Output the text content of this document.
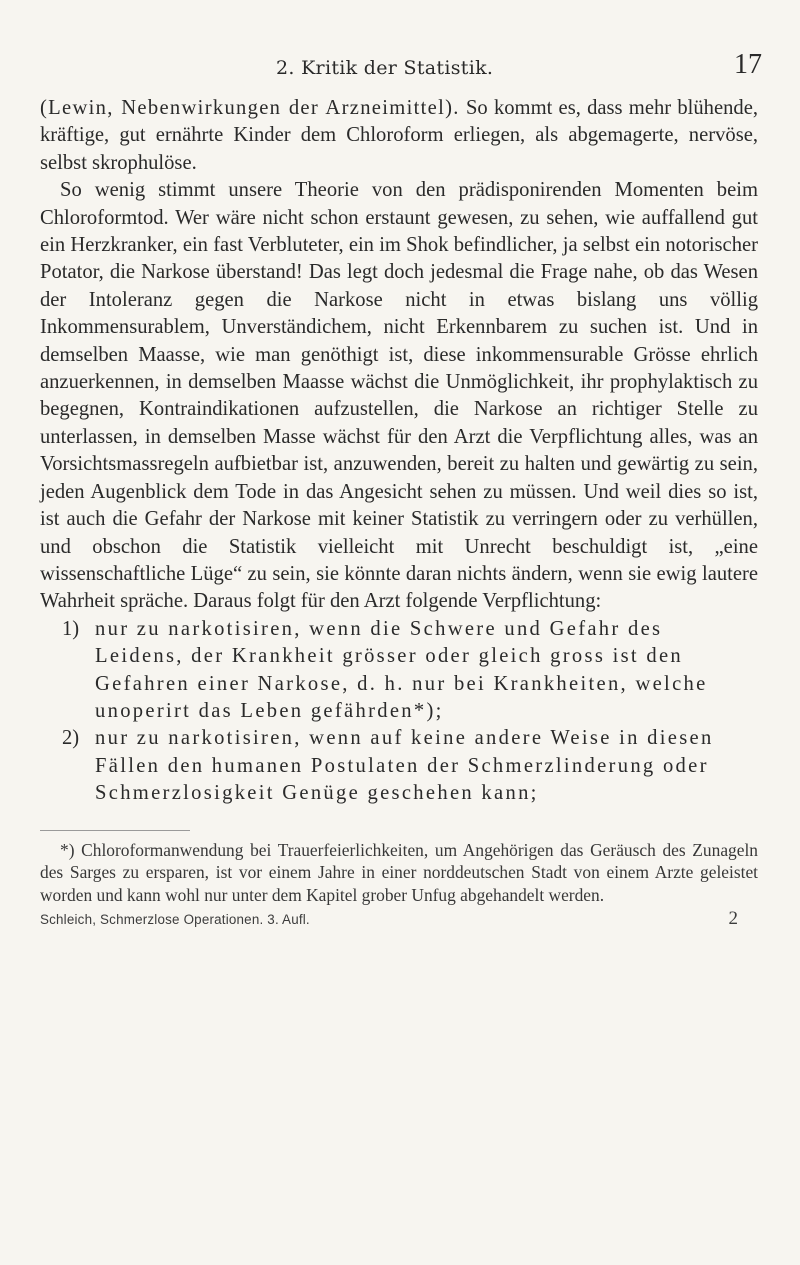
2. Kritik der Statistik.	17

(Lewin, Nebenwirkungen der Arzneimittel). So kommt es, dass mehr blühende, kräftige, gut ernährte Kinder dem Chloroform erliegen, als abgemagerte, nervöse, selbst skrophulöse.

So wenig stimmt unsere Theorie von den prädisponirenden Momenten beim Chloroformtod. Wer wäre nicht schon erstaunt gewesen, zu sehen, wie auffallend gut ein Herzkranker, ein fast Verbluteter, ein im Shok befindlicher, ja selbst ein notorischer Potator, die Narkose überstand! Das legt doch jedesmal die Frage nahe, ob das Wesen der Intoleranz gegen die Narkose nicht in etwas bislang uns völlig Inkommensurablem, Unverständichem, nicht Erkennbarem zu suchen ist. Und in demselben Maasse, wie man genöthigt ist, diese inkommensurable Grösse ehrlich anzuerkennen, in demselben Maasse wächst die Unmöglichkeit, ihr prophylaktisch zu begegnen, Kontraindikationen aufzustellen, die Narkose an richtiger Stelle zu unterlassen, in demselben Masse wächst für den Arzt die Verpflichtung alles, was an Vorsichtsmassregeln aufbietbar ist, anzuwenden, bereit zu halten und gewärtig zu sein, jeden Augenblick dem Tode in das Angesicht sehen zu müssen. Und weil dies so ist, ist auch die Gefahr der Narkose mit keiner Statistik zu verringern oder zu verhüllen, und obschon die Statistik vielleicht mit Unrecht beschuldigt ist, „eine wissenschaftliche Lüge“ zu sein, sie könnte daran nichts ändern, wenn sie ewig lautere Wahrheit spräche. Daraus folgt für den Arzt folgende Verpflichtung:

1) nur zu narkotisiren, wenn die Schwere und Gefahr des Leidens, der Krankheit grösser oder gleich gross ist den Gefahren einer Narkose, d. h. nur bei Krankheiten, welche unoperirt das Leben gefährden*);
2) nur zu narkotisiren, wenn auf keine andere Weise in diesen Fällen den humanen Postulaten der Schmerzlinderung oder Schmerzlosigkeit Genüge geschehen kann;

*) Chloroformanwendung bei Trauerfeierlichkeiten, um Angehörigen das Geräusch des Zunageln des Sarges zu ersparen, ist vor einem Jahre in einer norddeutschen Stadt von einem Arzte geleistet worden und kann wohl nur unter dem Kapitel grober Unfug abgehandelt werden.

Schleich, Schmerzlose Operationen. 3. Aufl.	2
